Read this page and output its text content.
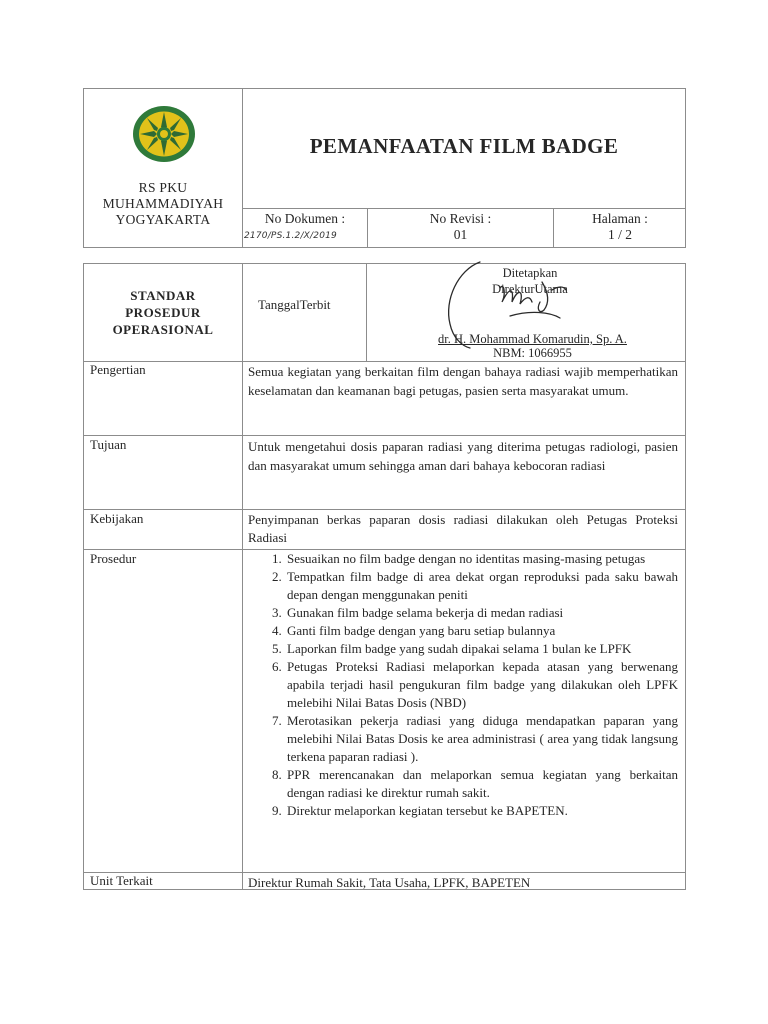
RS PKU
MUHAMMADIYAH
YOGYAKARTA
PEMANFAATAN FILM BADGE
No Dokumen :
2170/PS.1.2/X/2019
No Revisi :
01
Halaman :
1 / 2
STANDAR
PROSEDUR
OPERASIONAL
TanggalTerbit
Ditetapkan
DirekturUtama
dr. H. Mohammad Komarudin, Sp. A.
NBM: 1066955
Pengertian	Semua kegiatan yang berkaitan film dengan bahaya radiasi wajib memperhatikan keselamatan dan keamanan bagi petugas, pasien serta masyarakat umum.
Tujuan	Untuk mengetahui dosis paparan radiasi yang diterima petugas radiologi, pasien dan masyarakat umum sehingga aman dari bahaya kebocoran radiasi
Kebijakan	Penyimpanan berkas paparan dosis radiasi dilakukan oleh Petugas Proteksi Radiasi
Prosedur
1.	Sesuaikan no film badge dengan no identitas masing-masing petugas
2. Tempatkan film badge di area dekat organ reproduksi pada saku bawah depan dengan menggunakan peniti
3. Gunakan film badge selama bekerja di medan radiasi
4. Ganti film badge dengan yang baru setiap bulannya
5. Laporkan film badge yang sudah dipakai selama 1 bulan ke LPFK
6. Petugas Proteksi Radiasi melaporkan kepada atasan yang berwenang apabila terjadi hasil pengukuran film badge yang dilakukan oleh LPFK melebihi Nilai Batas Dosis (NBD)
7. Merotasikan pekerja radiasi yang diduga mendapatkan paparan yang melebihi Nilai Batas Dosis ke area administrasi ( area yang tidak langsung terkena paparan radiasi ).
8. PPR merencanakan dan melaporkan semua kegiatan yang berkaitan dengan radiasi ke direktur rumah sakit.
9. Direktur melaporkan kegiatan tersebut ke BAPETEN.
Unit Terkait	Direktur Rumah Sakit, Tata Usaha, LPFK, BAPETEN
